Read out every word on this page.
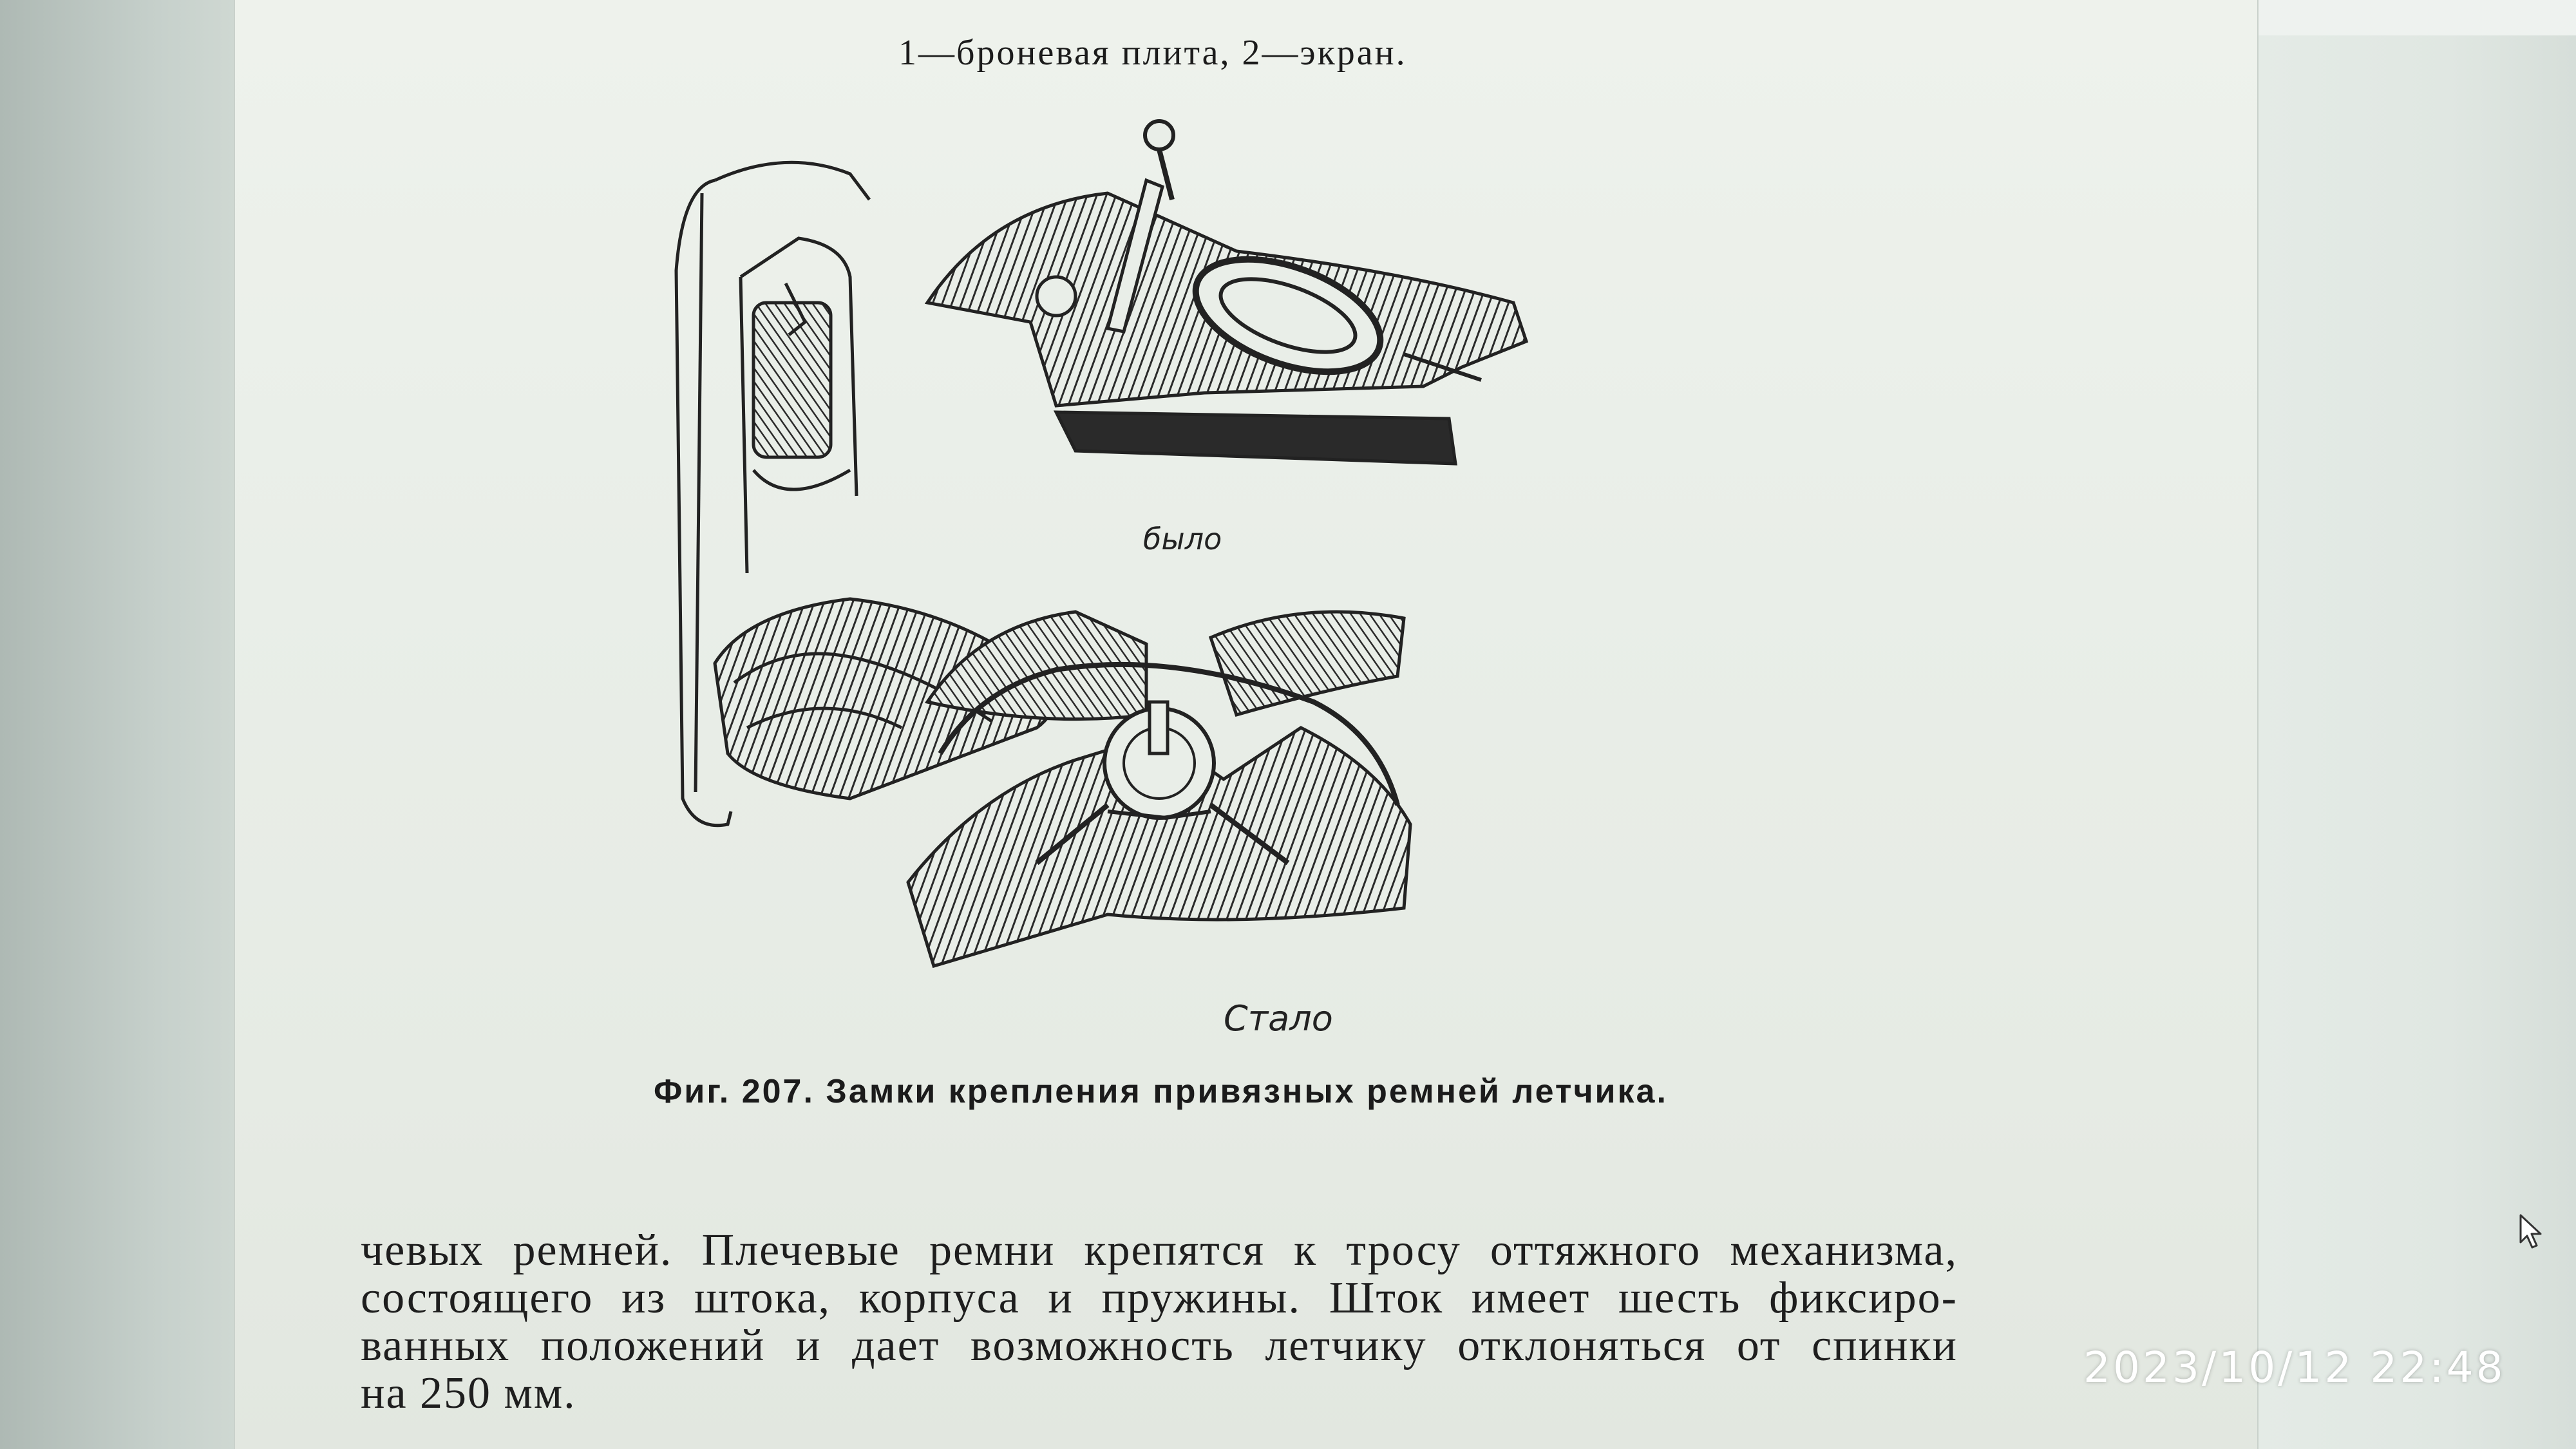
1—броневая плита, 2—экран.
было
Стало
Фиг. 207. Замки крепления привязных ремней летчика.
чевых ремней. Плечевые ремни крепятся к тросу оттяжного механизма,
состоящего из штока, корпуса и пружины. Шток имеет шесть фиксиро-
ванных положений и дает возможность летчику отклоняться от спинки
на 250 мм.
2023/10/12 22:48
